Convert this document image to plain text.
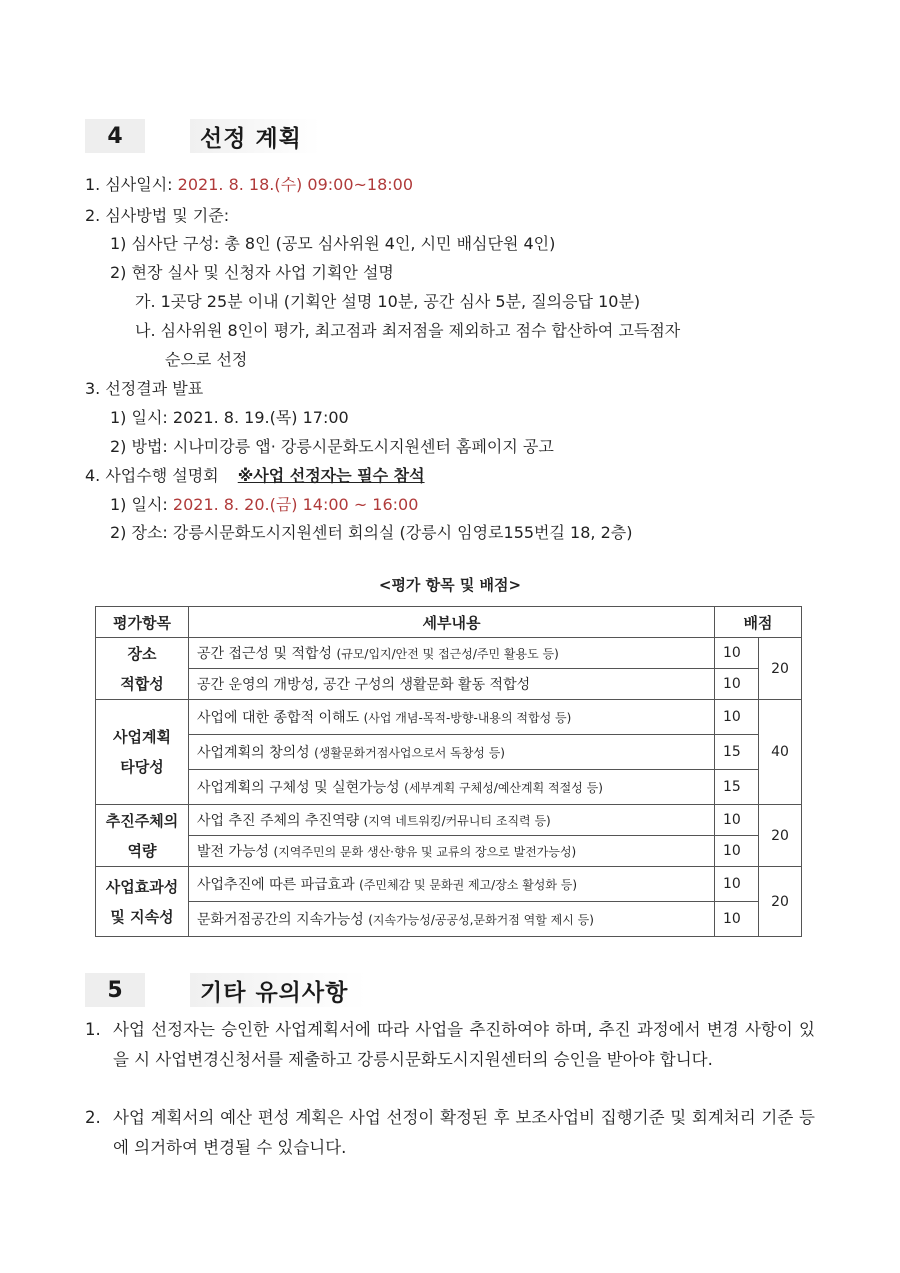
4	선정 계획
1. 심사일시: 2021. 8. 18.(수) 09:00~18:00
2. 심사방법 및 기준:
1) 심사단 구성: 총 8인 (공모 심사위원 4인, 시민 배심단원 4인)
2) 현장 실사 및 신청자 사업 기획안 설명
가. 1곳당 25분 이내 (기획안 설명 10분, 공간 심사 5분, 질의응답 10분)
나. 심사위원 8인이 평가, 최고점과 최저점을 제외하고 점수 합산하여 고득점자
순으로 선정
3. 선정결과 발표
1) 일시: 2021. 8. 19.(목) 17:00
2) 방법: 시나미강릉 앱· 강릉시문화도시지원센터 홈페이지 공고
4. 사업수행 설명회 ※사업 선정자는 필수 참석
1) 일시: 2021. 8. 20.(금) 14:00 ~ 16:00
2) 장소: 강릉시문화도시지원센터 회의실 (강릉시 임영로155번길 18, 2층)
<평가 항목 및 배점>
평가항목	세부내용	배점	

장소
적합성	공간 접근성 및 적합성 (규모/입지/안전 및 접근성/주민 활용도 등)	10	20
	공간 운영의 개방성, 공간 구성의 생활문화 활동 적합성	10	

사업계획
타당성	사업에 대한 종합적 이해도 (사업 개념-목적-방향-내용의 적합성 등)	10	40
	사업계획의 창의성 (생활문화거점사업으로서 독창성 등)	15	
	사업계획의 구체성 및 실현가능성 (세부계획 구체성/예산계획 적절성 등)	15	

추진주체의
역량	사업 추진 주체의 추진역량 (지역 네트워킹/커뮤니티 조직력 등)	10	20
	발전 가능성 (지역주민의 문화 생산·향유 및 교류의 장으로 발전가능성)	10	

사업효과성
및 지속성	사업추진에 따른 파급효과 (주민체감 및 문화권 제고/장소 활성화 등)	10	20
	문화거점공간의 지속가능성 (지속가능성/공공성,문화거점 역할 제시 등)	10	
5	기타 유의사항
1. 사업 선정자는 승인한 사업계획서에 따라 사업을 추진하여야 하며, 추진 과정에서 변경 사항이 있을 시 사업변경신청서를 제출하고 강릉시문화도시지원센터의 승인을 받아야 합니다.
2. 사업 계획서의 예산 편성 계획은 사업 선정이 확정된 후 보조사업비 집행기준 및 회계처리 기준 등에 의거하여 변경될 수 있습니다.
